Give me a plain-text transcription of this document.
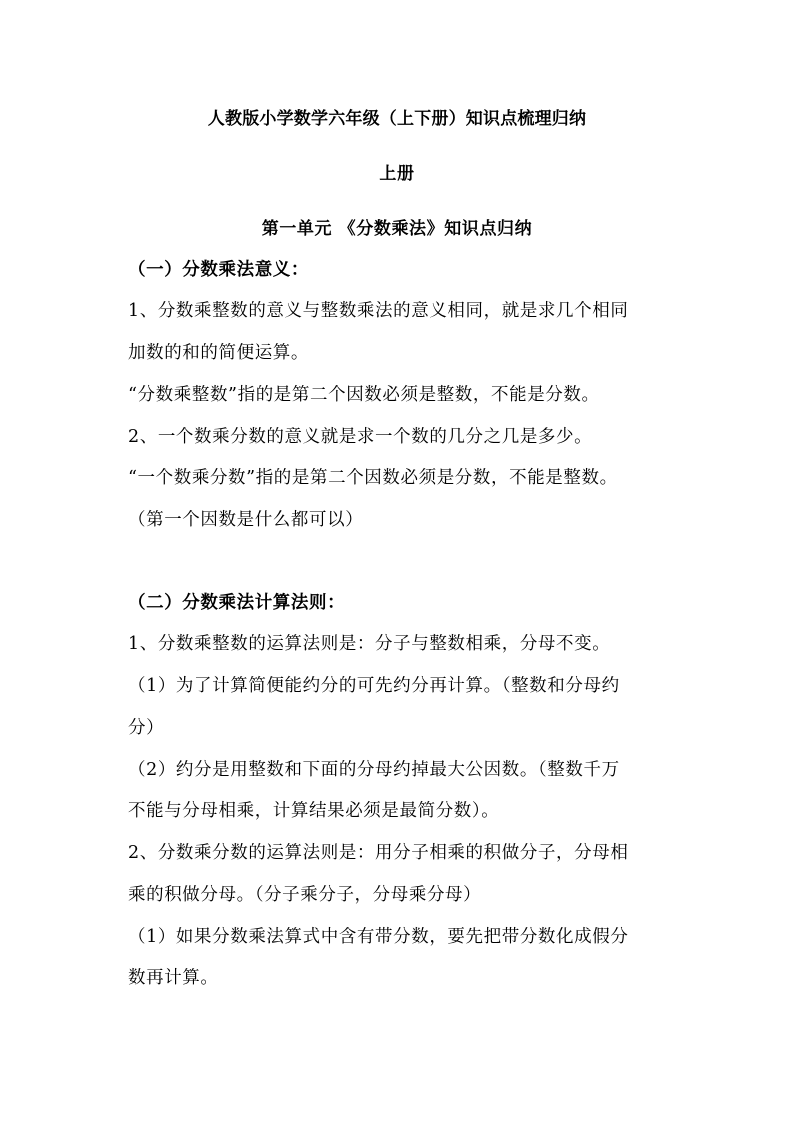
人教版小学数学六年级（上下册）知识点梳理归纳
上册
第一单元 《分数乘法》知识点归纳
（一）分数乘法意义：
1、分数乘整数的意义与整数乘法的意义相同，就是求几个相同
加数的和的简便运算。
“分数乘整数”指的是第二个因数必须是整数，不能是分数。
2、一个数乘分数的意义就是求一个数的几分之几是多少。
“一个数乘分数”指的是第二个因数必须是分数，不能是整数。
（第一个因数是什么都可以）
（二）分数乘法计算法则：
1、分数乘整数的运算法则是：分子与整数相乘，分母不变。
（1）为了计算简便能约分的可先约分再计算。（整数和分母约
分）
（2）约分是用整数和下面的分母约掉最大公因数。（整数千万
不能与分母相乘，计算结果必须是最简分数）。
2、分数乘分数的运算法则是：用分子相乘的积做分子，分母相
乘的积做分母。（分子乘分子，分母乘分母）
（1）如果分数乘法算式中含有带分数，要先把带分数化成假分
数再计算。
